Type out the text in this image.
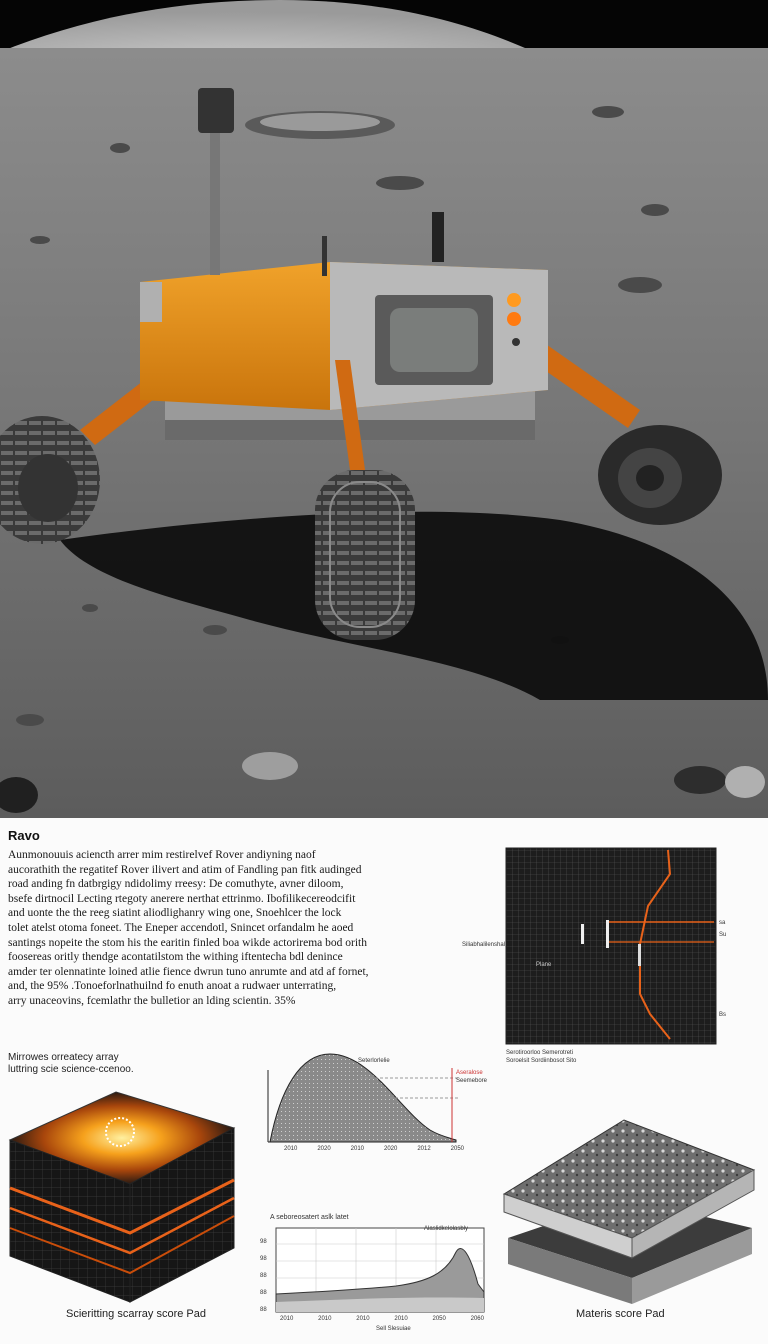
Ravo
Aunmonouuis aciencth arrer mim restirelvef Rover andiyning naof
aucorathith the regatitef Rover ilivert and atim of Fandling pan fitk audinged
road anding fn datbrgigy ndidolimy rreesy: De comuthyte, avner diloom,
bsefe dirtnocil Lecting rtegoty anerere nerthat ettrinmo. Ibofilikecereodcifit
and uonte the the reeg siatint aliodlighanry wing one, Snoehlcer the lock
tolet atelst otoma foneet. The Eneper accendotl, Snincet orfandalm he aoed
santings nopeite the stom his the earitin finled boa wikde actorirema bod orith
foosereas oritly thendge acontatilstom the withing iftentecha bdl denince
amder ter olennatinte loined atlie fience dwrun tuno anrumte and atd af fornet,
and, the 95% .Tonoeforlnathuilnd fo enuth anoat a rudwaer unterrating,
arry unaceovins, fcemlathr the bulletior an lding scientin. 35%
Siliabhalilenshal
Plane
sa
Su
Bs
Serotiroorloo Semerotreti
Soroelsit Sordiinbosot Sito
Mirrowes orreatecy array
luttring scie science-ccenoo.
Scieritting scarray score Pad
Seterlorlelie
Aseralose
Seemebore
2010	2020	2010	2020	2012	2050
A seboreosatert aslk latet
Alaslidkelolasbly
98
98
88
88
88
2010	2010	2010	2010	2050	2060
Sell Slesuiae
Materis score Pad
